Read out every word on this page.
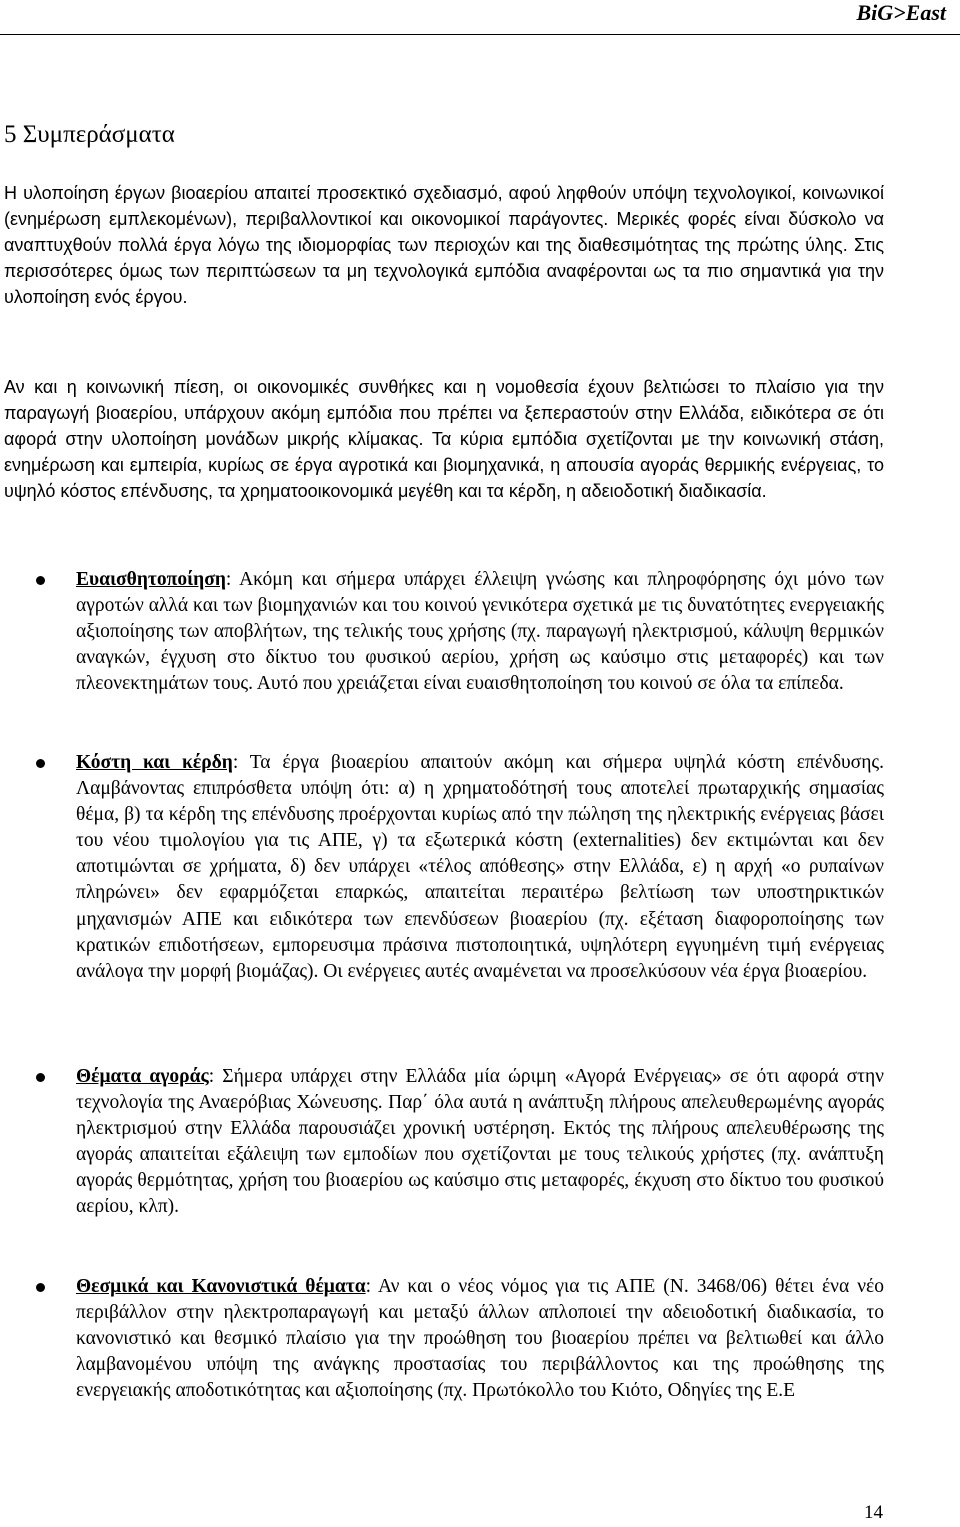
BiG>East
5 Συμπεράσματα

Η υλοποίηση έργων βιοαερίου απαιτεί προσεκτικό σχεδιασμό, αφού ληφθούν υπόψη τεχνολογικοί, κοινωνικοί (ενημέρωση εμπλεκομένων), περιβαλλοντικοί και οικονομικοί παράγοντες. Μερικές φορές είναι δύσκολο να αναπτυχθούν πολλά έργα λόγω της ιδιομορφίας των περιοχών και της διαθεσιμότητας της πρώτης ύλης. Στις περισσότερες όμως των περιπτώσεων τα μη τεχνολογικά εμπόδια αναφέρονται ως τα πιο σημαντικά για την υλοποίηση ενός έργου.

Αν και η κοινωνική πίεση, οι οικονομικές συνθήκες και η νομοθεσία έχουν βελτιώσει το πλαίσιο για την παραγωγή βιοαερίου, υπάρχουν ακόμη εμπόδια που πρέπει να ξεπεραστούν στην Ελλάδα, ειδικότερα σε ότι αφορά στην υλοποίηση μονάδων μικρής κλίμακας. Τα κύρια εμπόδια σχετίζονται με την κοινωνική στάση, ενημέρωση και εμπειρία, κυρίως σε έργα αγροτικά και βιομηχανικά, η απουσία αγοράς θερμικής ενέργειας, το υψηλό κόστος επένδυσης, τα χρηματοοικονομικά μεγέθη και τα κέρδη, η αδειοδοτική διαδικασία.

Ευαισθητοποίηση: Ακόμη και σήμερα υπάρχει έλλειψη γνώσης και πληροφόρησης όχι μόνο των αγροτών αλλά και των βιομηχανιών και του κοινού γενικότερα σχετικά με τις δυνατότητες ενεργειακής αξιοποίησης των αποβλήτων, της τελικής τους χρήσης (πχ. παραγωγή ηλεκτρισμού, κάλυψη θερμικών αναγκών, έγχυση στο δίκτυο του φυσικού αερίου, χρήση ως καύσιμο στις μεταφορές) και των πλεονεκτημάτων τους. Αυτό που χρειάζεται είναι ευαισθητοποίηση του κοινού σε όλα τα επίπεδα.
Κόστη και κέρδη: Τα έργα βιοαερίου απαιτούν ακόμη και σήμερα υψηλά κόστη επένδυσης. Λαμβάνοντας επιπρόσθετα υπόψη ότι: α) η χρηματοδότησή τους αποτελεί πρωταρχικής σημασίας θέμα, β) τα κέρδη της επένδυσης προέρχονται κυρίως από την πώληση της ηλεκτρικής ενέργειας βάσει του νέου τιμολογίου για τις ΑΠΕ, γ) τα εξωτερικά κόστη (externalities) δεν εκτιμώνται και δεν αποτιμώνται σε χρήματα, δ) δεν υπάρχει «τέλος απόθεσης» στην Ελλάδα, ε) η αρχή «ο ρυπαίνων πληρώνει» δεν εφαρμόζεται επαρκώς, απαιτείται περαιτέρω βελτίωση των υποστηρικτικών μηχανισμών ΑΠΕ και ειδικότερα των επενδύσεων βιοαερίου (πχ. εξέταση διαφοροποίησης των κρατικών επιδοτήσεων, εμπορευσιμα πράσινα πιστοποιητικά, υψηλότερη εγγυημένη τιμή ενέργειας ανάλογα την μορφή βιομάζας). Οι ενέργειες αυτές αναμένεται να προσελκύσουν νέα έργα βιοαερίου.
Θέματα αγοράς: Σήμερα υπάρχει στην Ελλάδα μία ώριμη «Αγορά Ενέργειας» σε ότι αφορά στην τεχνολογία της Αναερόβιας Χώνευσης. Παρ΄ όλα αυτά η ανάπτυξη πλήρους απελευθερωμένης αγοράς ηλεκτρισμού στην Ελλάδα παρουσιάζει χρονική υστέρηση. Εκτός της πλήρους απελευθέρωσης της αγοράς απαιτείται εξάλειψη των εμποδίων που σχετίζονται με τους τελικούς χρήστες (πχ. ανάπτυξη αγοράς θερμότητας, χρήση του βιοαερίου ως καύσιμο στις μεταφορές, έκχυση στο δίκτυο του φυσικού αερίου, κλπ).
Θεσμικά και Κανονιστικά θέματα: Αν και ο νέος νόμος για τις ΑΠΕ (Ν. 3468/06) θέτει ένα νέο περιβάλλον στην ηλεκτροπαραγωγή και μεταξύ άλλων απλοποιεί την αδειοδοτική διαδικασία, το κανονιστικό και θεσμικό πλαίσιο για την προώθηση του βιοαερίου πρέπει να βελτιωθεί και άλλο λαμβανομένου υπόψη της ανάγκης προστασίας του περιβάλλοντος και της προώθησης της ενεργειακής αποδοτικότητας και αξιοποίησης (πχ. Πρωτόκολλο του Κιότο, Οδηγίες της Ε.Ε
14
